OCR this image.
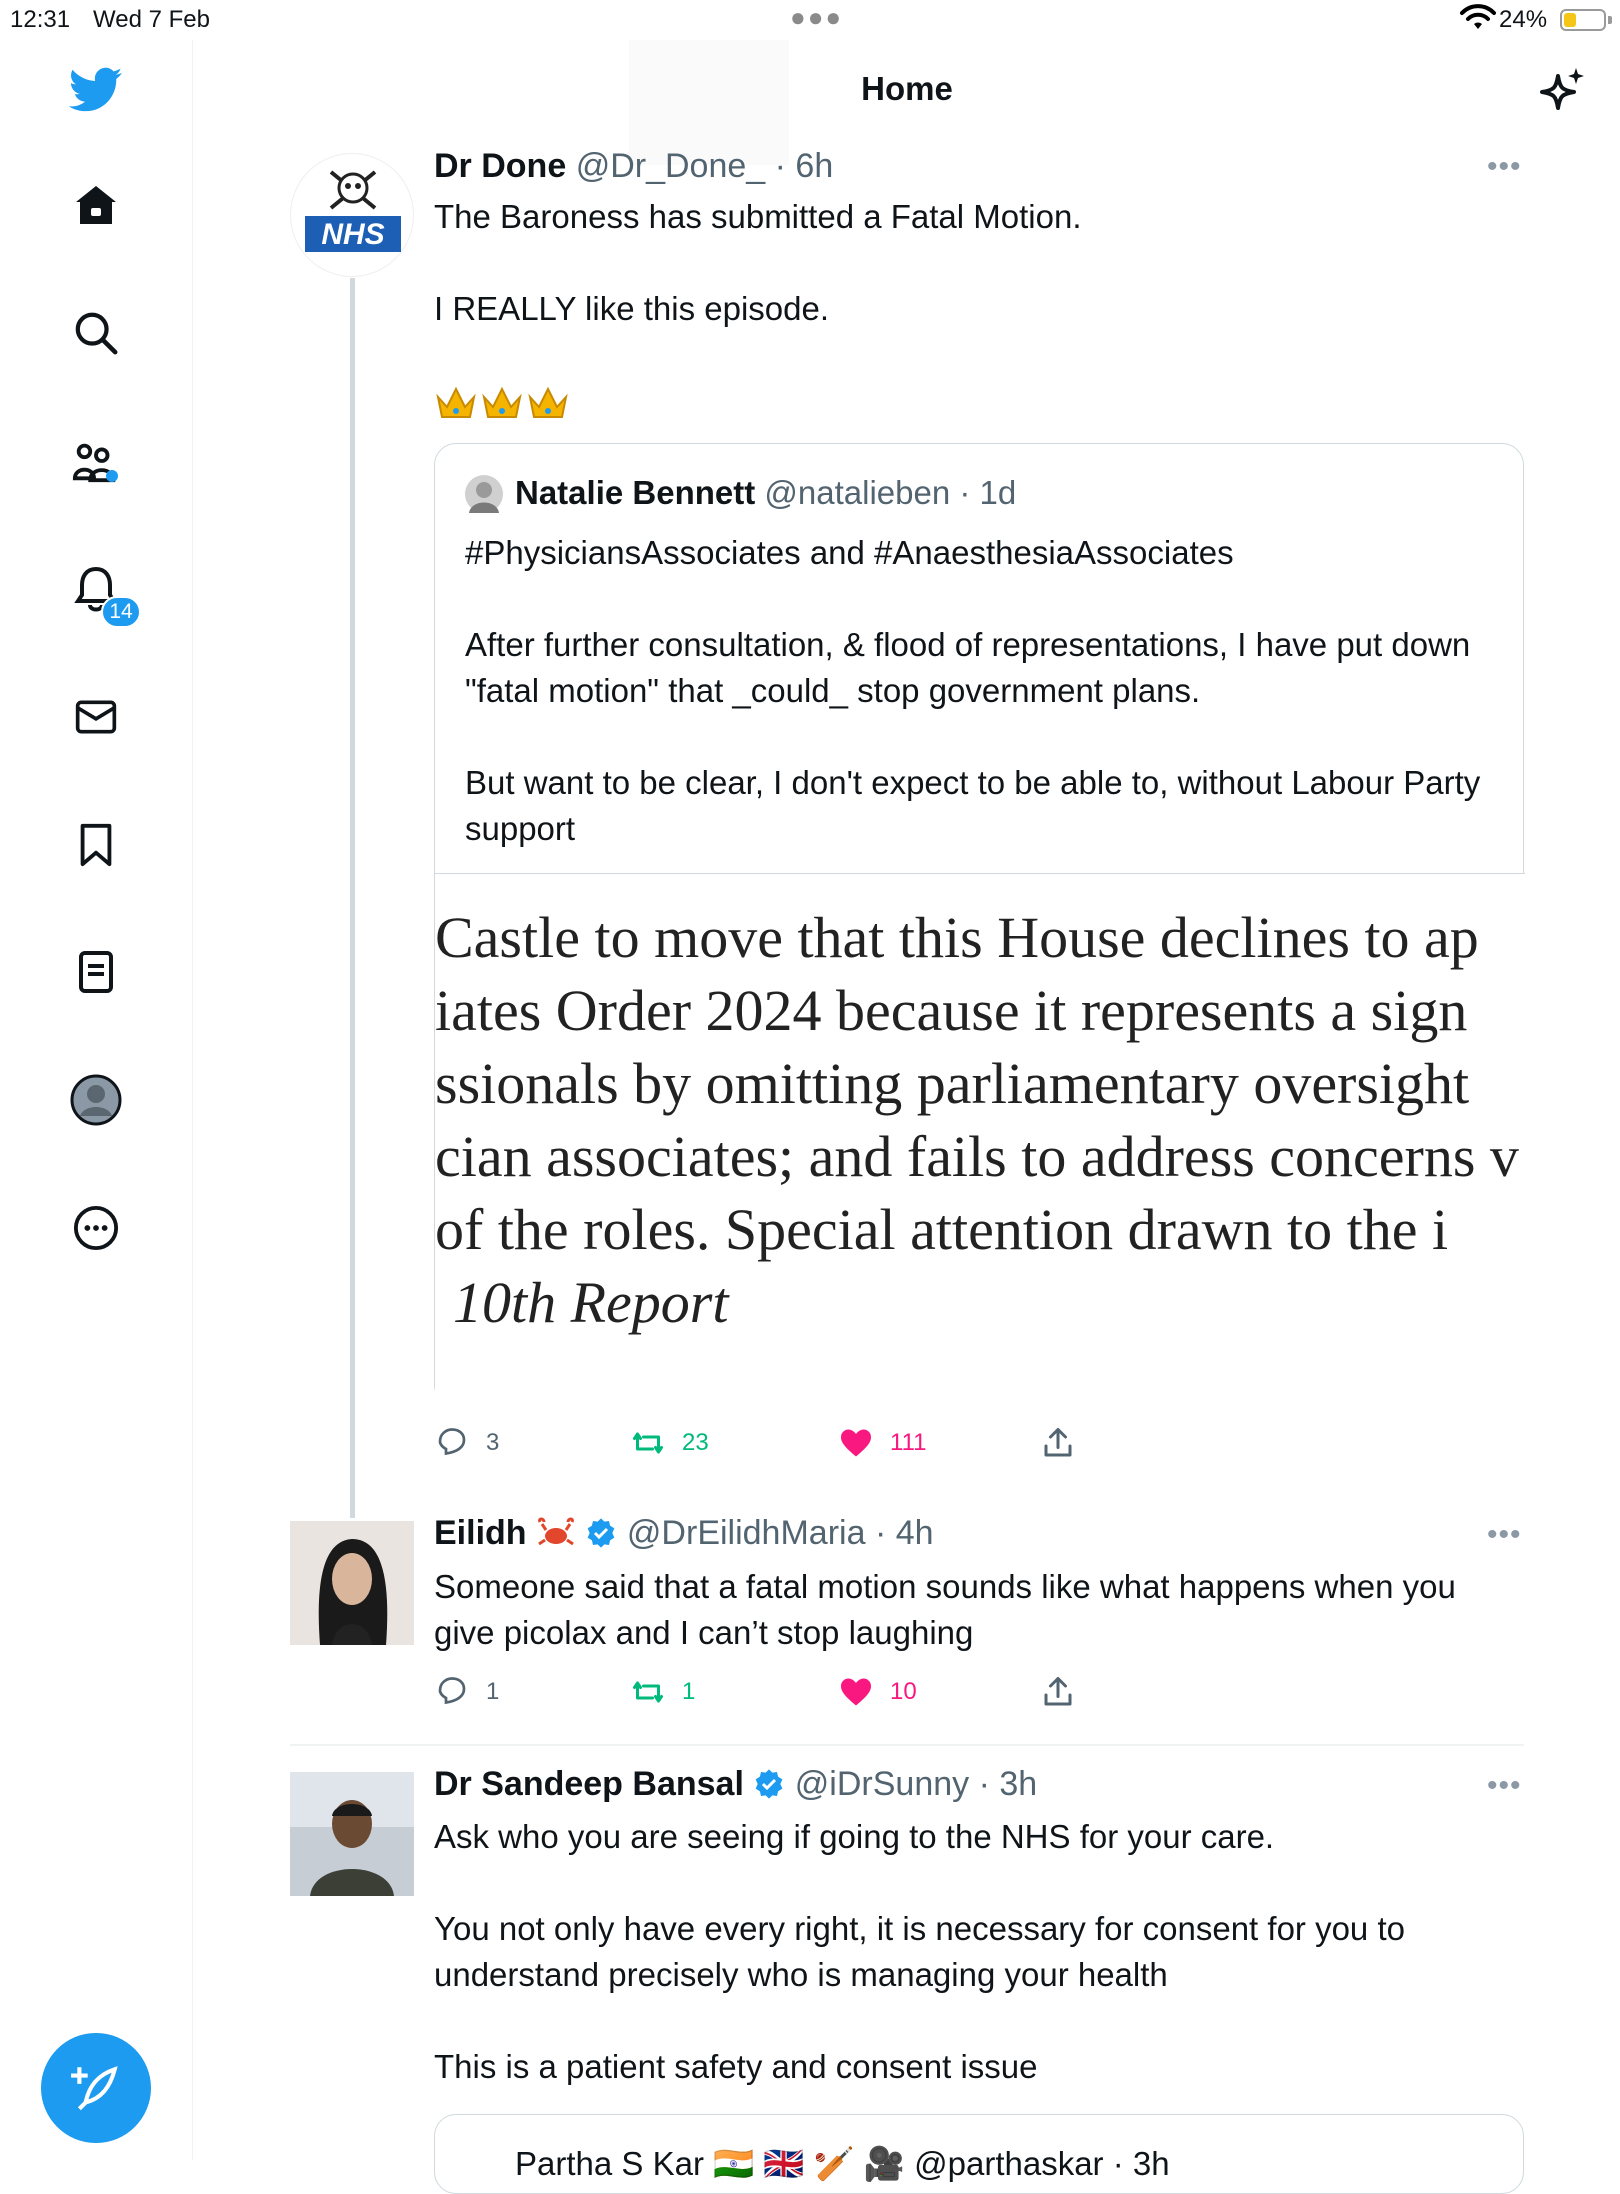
12:31 Wed 7 Feb	●●●	24%
14
Home
NHS
Dr Done @Dr_Done_ · 6h	•••
The Baroness has submitted a Fatal Motion.

I REALLY like this episode.
Natalie Bennett @natalieben · 1d
#PhysiciansAssociates and #AnaesthesiaAssociates

After further consultation, & flood of representations, I have put down "fatal motion" that _could_ stop government plans.

But want to be clear, I don't expect to be able to, without Labour Party support
Castle to move that this House declines to ap
iates Order 2024 because it represents a sign
ssionals by omitting parliamentary oversight
cian associates; and fails to address concerns v
of the roles. Special attention drawn to the i
10th Report
3	23	111
Eilidh	@DrEilidhMaria · 4h	•••
Someone said that a fatal motion sounds like what happens when you give picolax and I can’t stop laughing
1	1	10
Dr Sandeep Bansal @iDrSunny · 3h	•••
Ask who you are seeing if going to the NHS for your care.

You not only have every right, it is necessary for consent for you to understand precisely who is managing your health

This is a patient safety and consent issue
Partha S Kar 🇮🇳 🇬🇧 🏏 🎥 @parthaskar · 3h
